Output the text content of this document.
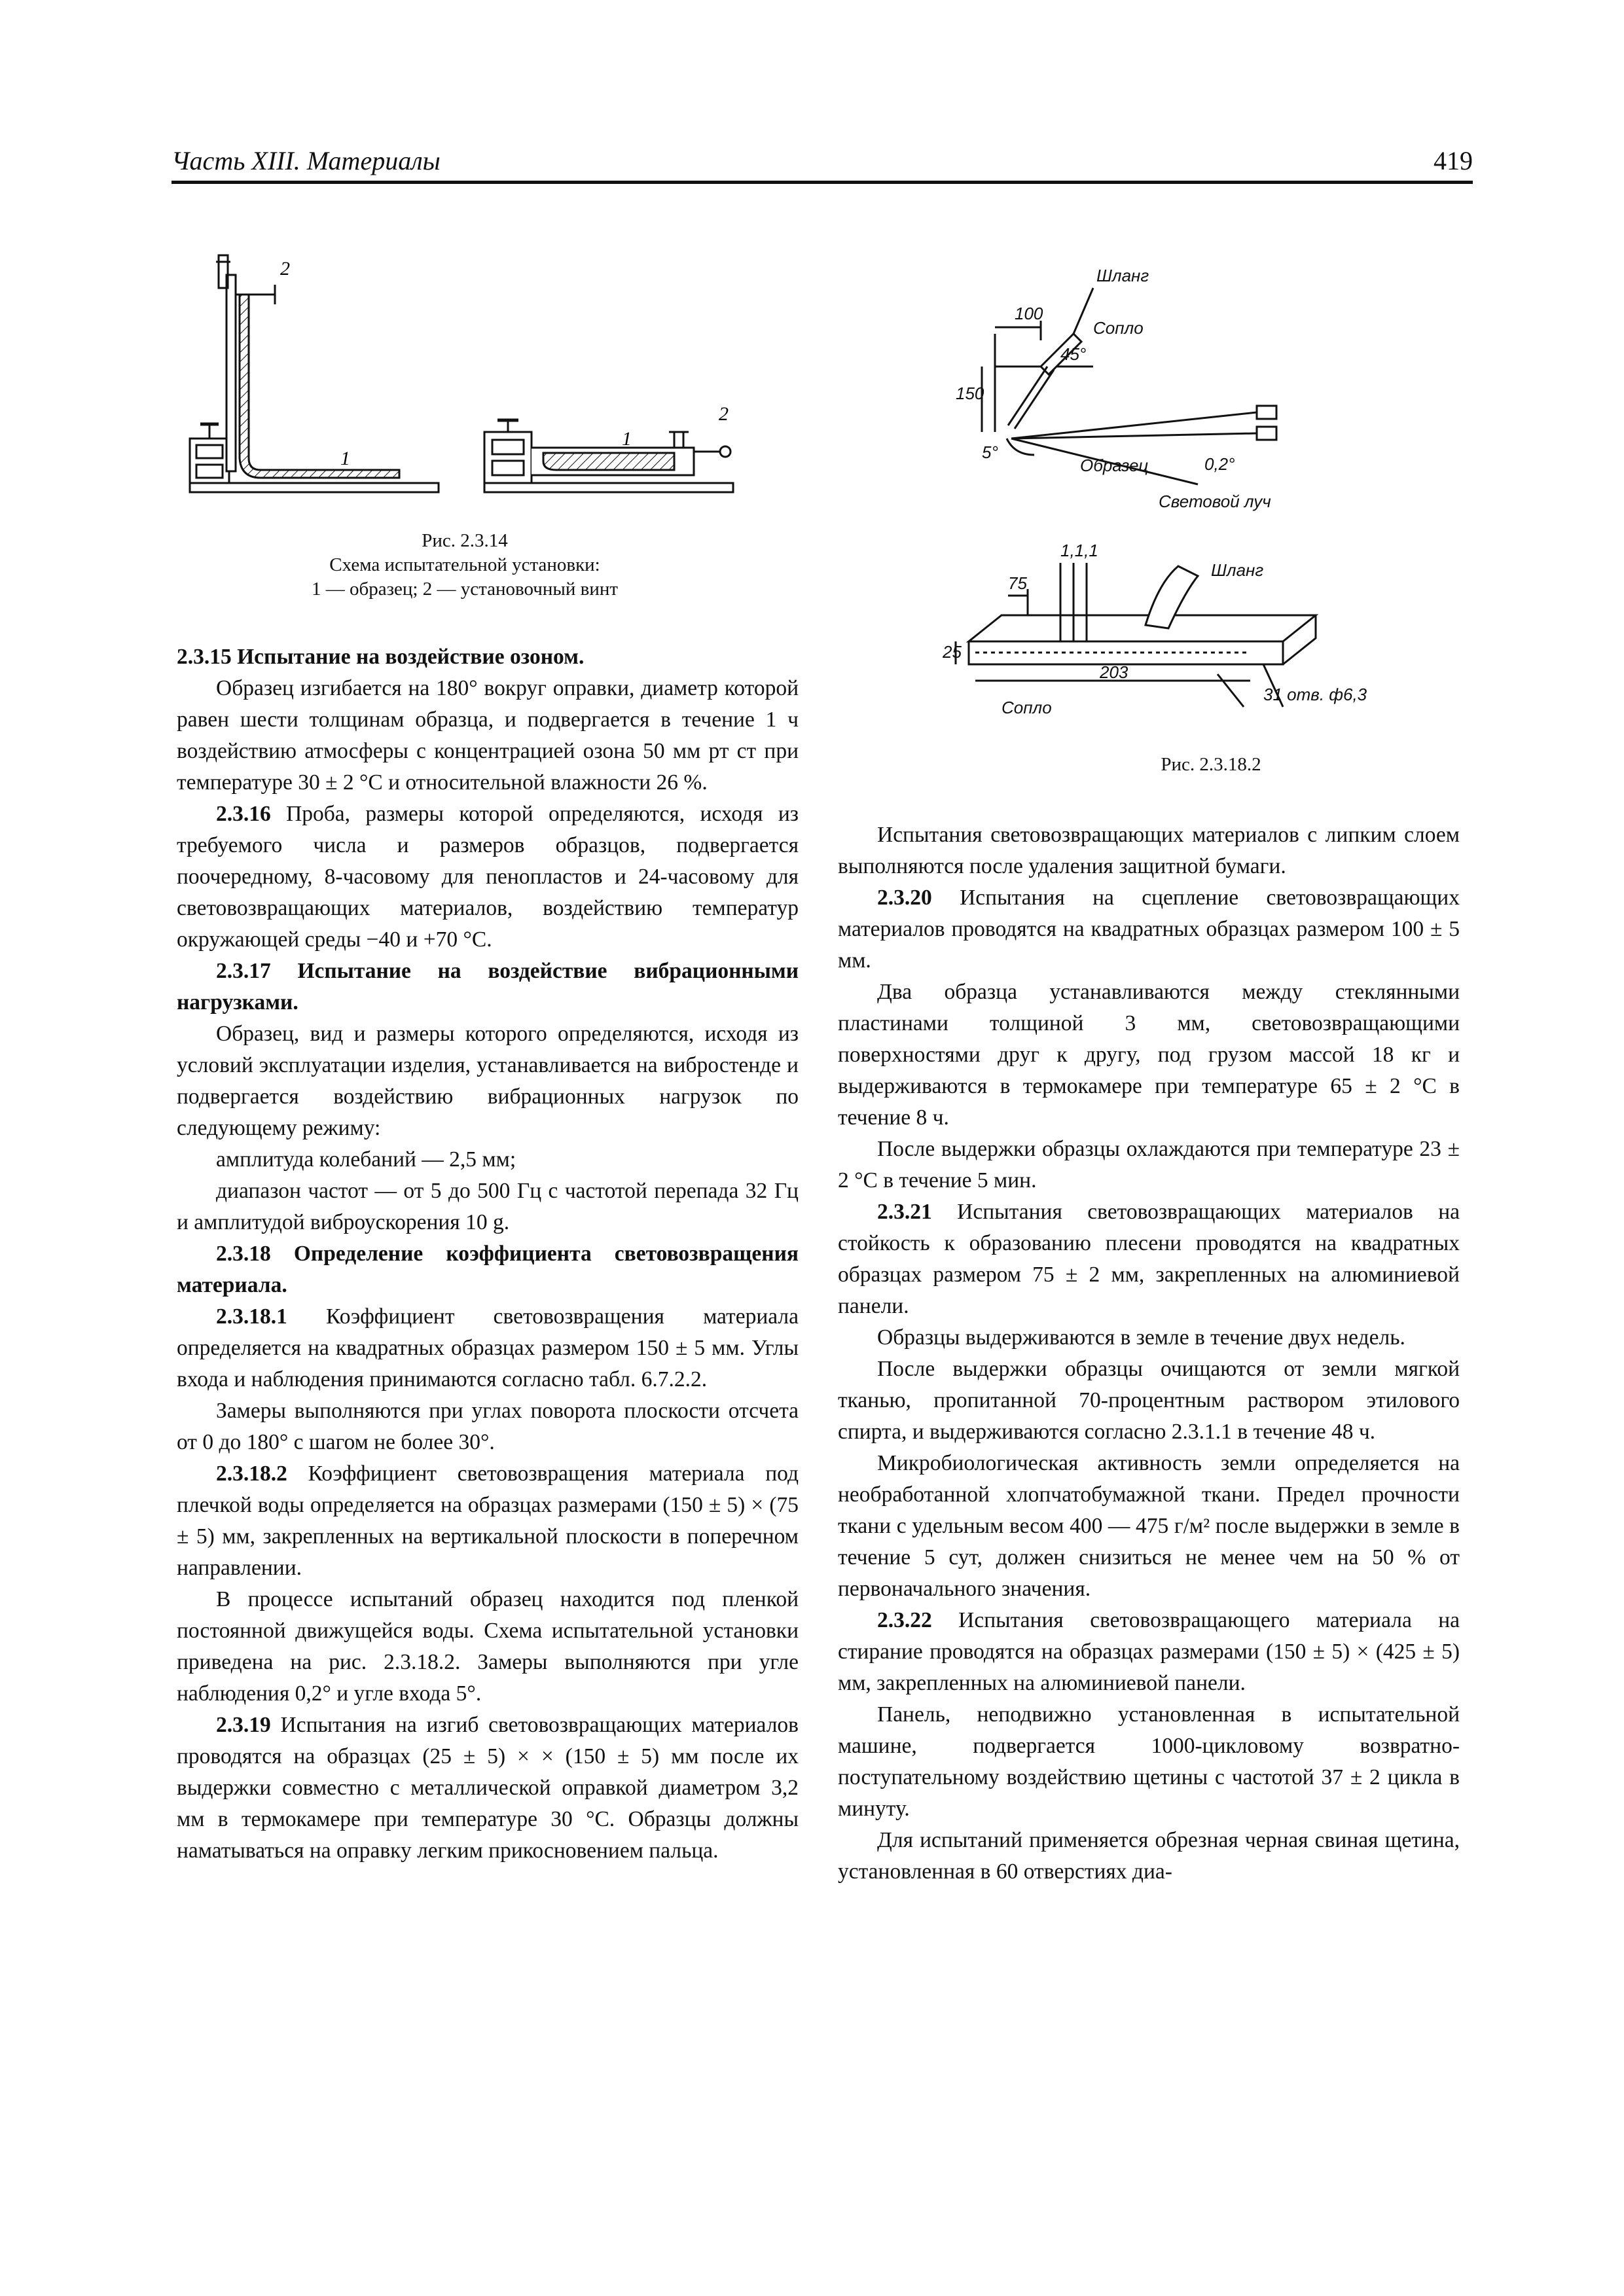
Часть XIII. Материалы	419
2
1
1
2
Рис. 2.3.14
Схема испытательной установки:
1 — образец; 2 — установочный винт
Шланг
Сопло
100
150
45°
5°
Образец	0,2°
Световой луч
1,1,1
Шланг
75
25
203
Сопло
31 отв. ф6,3
Рис. 2.3.18.2

2.3.15 Испытание на воздействие озоном.

Образец изгибается на 180° вокруг оправки, диаметр которой равен шести толщинам образца, и подвергается в течение 1 ч воздействию атмосферы с концентрацией озона 50 мм рт ст при температуре 30 ± 2 °С и относительной влажности 26 %.

2.3.16 Проба, размеры которой определяются, исходя из требуемого числа и размеров образцов, подвергается поочередному, 8-часовому для пенопластов и 24-часовому для световозвращающих материалов, воздействию температур окружающей среды −40 и +70 °С.

2.3.17 Испытание на воздействие вибрационными нагрузками.

Образец, вид и размеры которого определяются, исходя из условий эксплуатации изделия, устанавливается на вибростенде и подвергается воздействию вибрационных нагрузок по следующему режиму:

амплитуда колебаний — 2,5 мм;

диапазон частот — от 5 до 500 Гц с частотой перепада 32 Гц и амплитудой виброускорения 10 g.

2.3.18 Определение коэффициента световозвращения материала.

2.3.18.1 Коэффициент световозвращения материала определяется на квадратных образцах размером 150 ± 5 мм. Углы входа и наблюдения принимаются согласно табл. 6.7.2.2.

Замеры выполняются при углах поворота плоскости отсчета от 0 до 180° с шагом не более 30°.

2.3.18.2 Коэффициент световозвращения материала под плечкой воды определяется на образцах размерами (150 ± 5) × (75 ± 5) мм, закрепленных на вертикальной плоскости в поперечном направлении.

В процессе испытаний образец находится под пленкой постоянной движущейся воды. Схема испытательной установки приведена на рис. 2.3.18.2. Замеры выполняются при угле наблюдения 0,2° и угле входа 5°.

2.3.19 Испытания на изгиб световозвращающих материалов проводятся на образцах (25 ± 5) × × (150 ± 5) мм после их выдержки совместно с металлической оправкой диаметром 3,2 мм в термокамере при температуре 30 °С. Образцы должны наматываться на оправку легким прикосновением пальца.

Испытания световозвращающих материалов с липким слоем выполняются после удаления защитной бумаги.

2.3.20 Испытания на сцепление световозвращающих материалов проводятся на квадратных образцах размером 100 ± 5 мм.

Два образца устанавливаются между стеклянными пластинами толщиной 3 мм, световозвращающими поверхностями друг к другу, под грузом массой 18 кг и выдерживаются в термокамере при температуре 65 ± 2 °С в течение 8 ч.

После выдержки образцы охлаждаются при температуре 23 ± 2 °С в течение 5 мин.

2.3.21 Испытания световозвращающих материалов на стойкость к образованию плесени проводятся на квадратных образцах размером 75 ± 2 мм, закрепленных на алюминиевой панели.

Образцы выдерживаются в земле в течение двух недель.

После выдержки образцы очищаются от земли мягкой тканью, пропитанной 70-процентным раствором этилового спирта, и выдерживаются согласно 2.3.1.1 в течение 48 ч.

Микробиологическая активность земли определяется на необработанной хлопчатобумажной ткани. Предел прочности ткани с удельным весом 400 — 475 г/м² после выдержки в земле в течение 5 сут, должен снизиться не менее чем на 50 % от первоначального значения.

2.3.22 Испытания световозвращающего материала на стирание проводятся на образцах размерами (150 ± 5) × (425 ± 5) мм, закрепленных на алюминиевой панели.

Панель, неподвижно установленная в испытательной машине, подвергается 1000-цикловому возвратно-поступательному воздействию щетины с частотой 37 ± 2 цикла в минуту.

Для испытаний применяется обрезная черная свиная щетина, установленная в 60 отверстиях диа-
